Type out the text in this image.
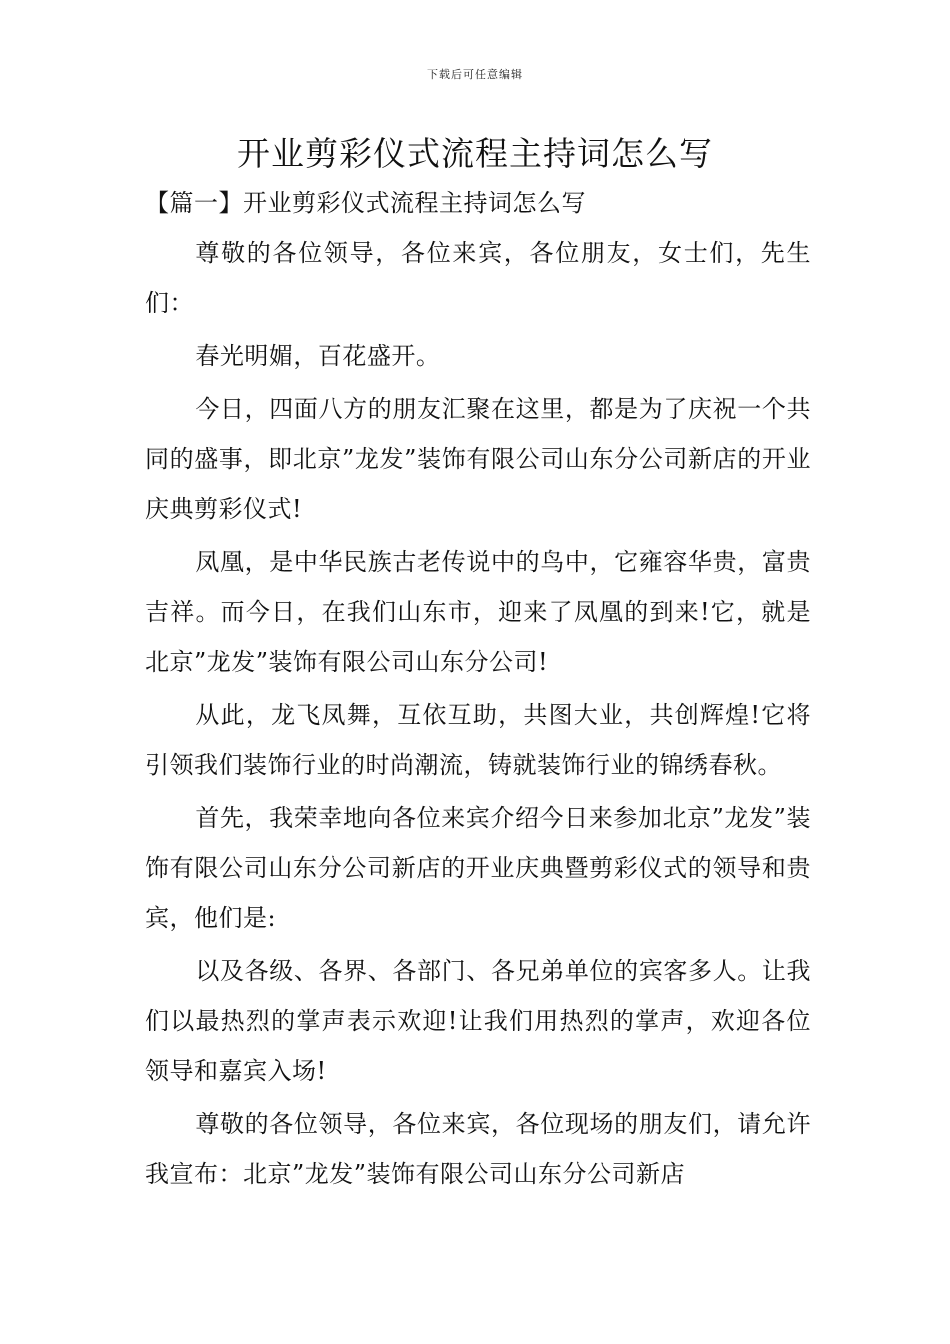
下载后可任意编辑
开业剪彩仪式流程主持词怎么写

【篇一】开业剪彩仪式流程主持词怎么写

尊敬的各位领导，各位来宾，各位朋友，女士们，先生们：

春光明媚，百花盛开。

今日，四面八方的朋友汇聚在这里，都是为了庆祝一个共同的盛事，即北京”龙发”装饰有限公司山东分公司新店的开业庆典剪彩仪式!

凤凰，是中华民族古老传说中的鸟中，它雍容华贵，富贵吉祥。而今日，在我们山东市，迎来了凤凰的到来!它，就是北京”龙发”装饰有限公司山东分公司!

从此，龙飞凤舞，互依互助，共图大业，共创辉煌!它将引领我们装饰行业的时尚潮流，铸就装饰行业的锦绣春秋。

首先，我荣幸地向各位来宾介绍今日来参加北京”龙发”装饰有限公司山东分公司新店的开业庆典暨剪彩仪式的领导和贵宾，他们是:

以及各级、各界、各部门、各兄弟单位的宾客多人。让我们以最热烈的掌声表示欢迎!让我们用热烈的掌声，欢迎各位领导和嘉宾入场!

尊敬的各位领导，各位来宾，各位现场的朋友们，请允许我宣布：北京”龙发”装饰有限公司山东分公司新店
